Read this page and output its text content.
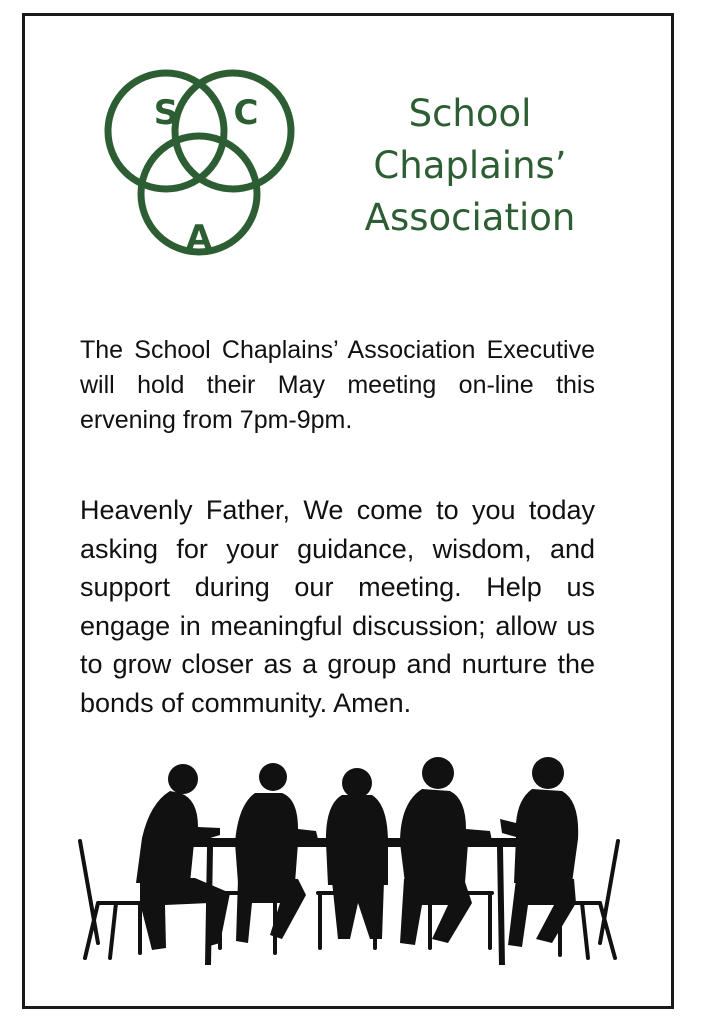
S C
A
School
Chaplains’
Association

The School Chaplains’ Association Executive will hold their May meeting on-line this ervening from 7pm-9pm.

Heavenly Father, We come to you today asking for your guidance, wisdom, and support during our meeting. Help us engage in meaningful discussion; allow us to grow closer as a group and nurture the bonds of community. Amen.
